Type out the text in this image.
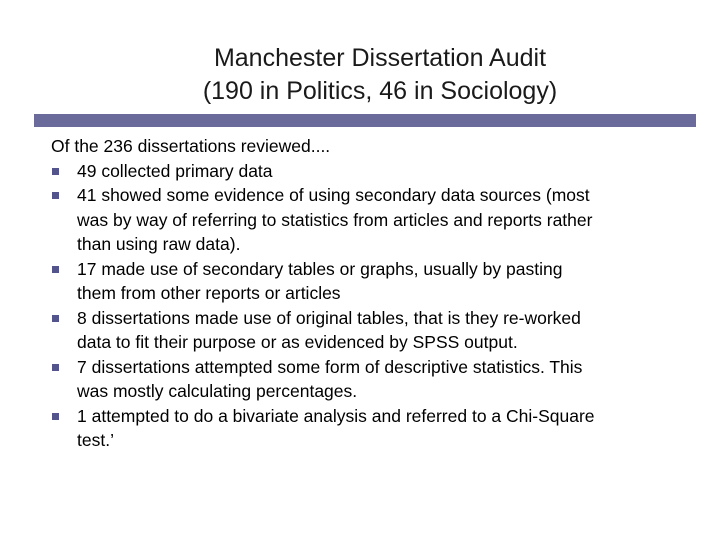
Manchester Dissertation Audit
(190 in Politics, 46 in Sociology)
Of the 236 dissertations reviewed....
49 collected primary data
41 showed some evidence of using secondary data sources (most
was by way of referring to statistics from articles and reports rather
than using raw data).
17 made use of secondary tables or graphs, usually by pasting
them from other reports or articles
8 dissertations made use of original tables, that is they re-worked
data to fit their purpose or as evidenced by SPSS output.
7 dissertations attempted some form of descriptive statistics. This
was mostly calculating percentages.
1 attempted to do a bivariate analysis and referred to a Chi-Square
test.’
